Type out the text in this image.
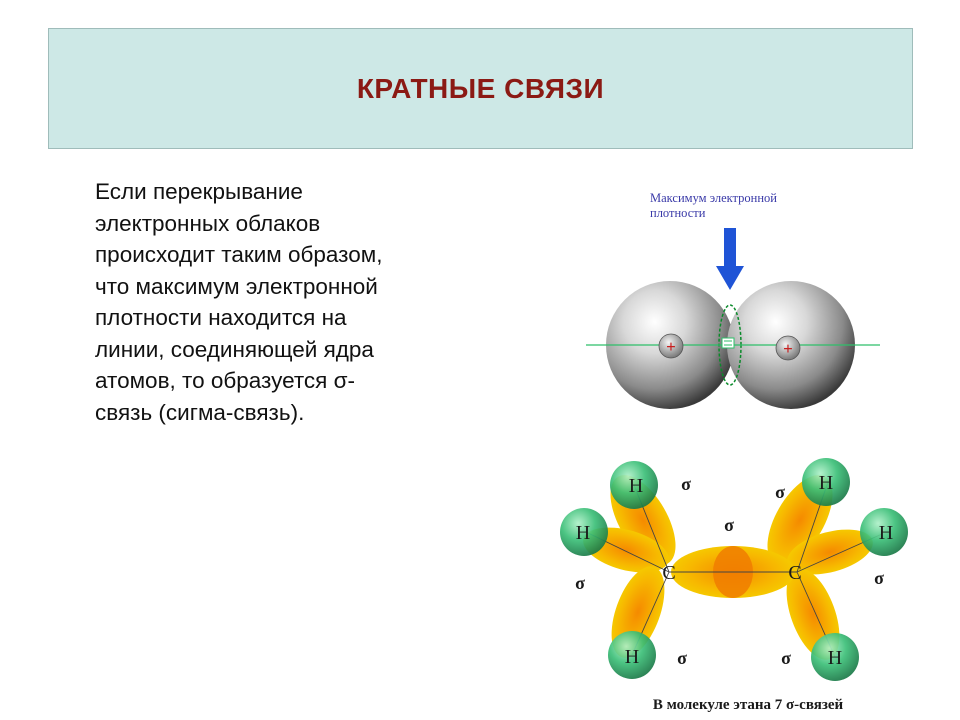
КРАТНЫЕ СВЯЗИ
Если перекрывание
электронных облаков
происходит таким образом,
что максимум электронной
плотности находится на
линии, соединяющей ядра
атомов, то образуется σ-
связь (сигма-связь).
Максимум электронной
плотности
+	+
H
H
H
H
H
H
C	C
σ	σ
σ
σ	σ
σ	σ
В молекуле этана 7 σ-связей
